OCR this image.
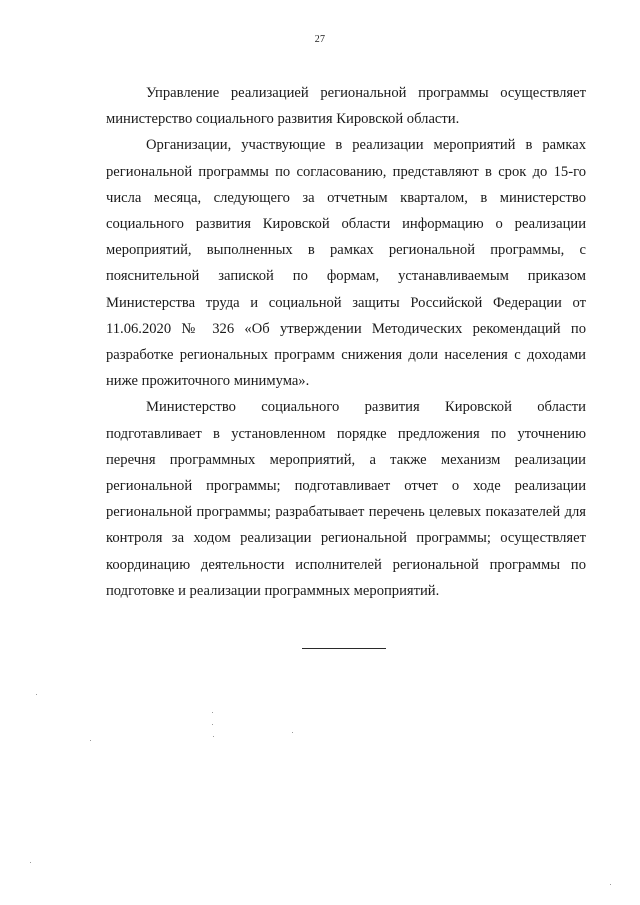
27

Управление реализацией региональной программы осуществляет министерство социального развития Кировской области.

Организации, участвующие в реализации мероприятий в рамках региональной программы по согласованию, представляют в срок до 15-го числа месяца, следующего за отчетным кварталом, в министерство социального развития Кировской области информацию о реализации мероприятий, выполненных в рамках региональной программы, с пояснительной запиской по формам, устанавливаемым приказом Министерства труда и социальной защиты Российской Федерации от 11.06.2020 № 326 «Об утверждении Методических рекомендаций по разработке региональных программ снижения доли населения с доходами ниже прожиточного минимума».

Министерство социального развития Кировской области подготавливает в установленном порядке предложения по уточнению перечня программных мероприятий, а также механизм реализации региональной программы; подготавливает отчет о ходе реализации региональной программы; разрабатывает перечень целевых показателей для контроля за ходом реализации региональной программы; осуществляет координацию деятельности исполнителей региональной программы по подготовке и реализации программных мероприятий.
